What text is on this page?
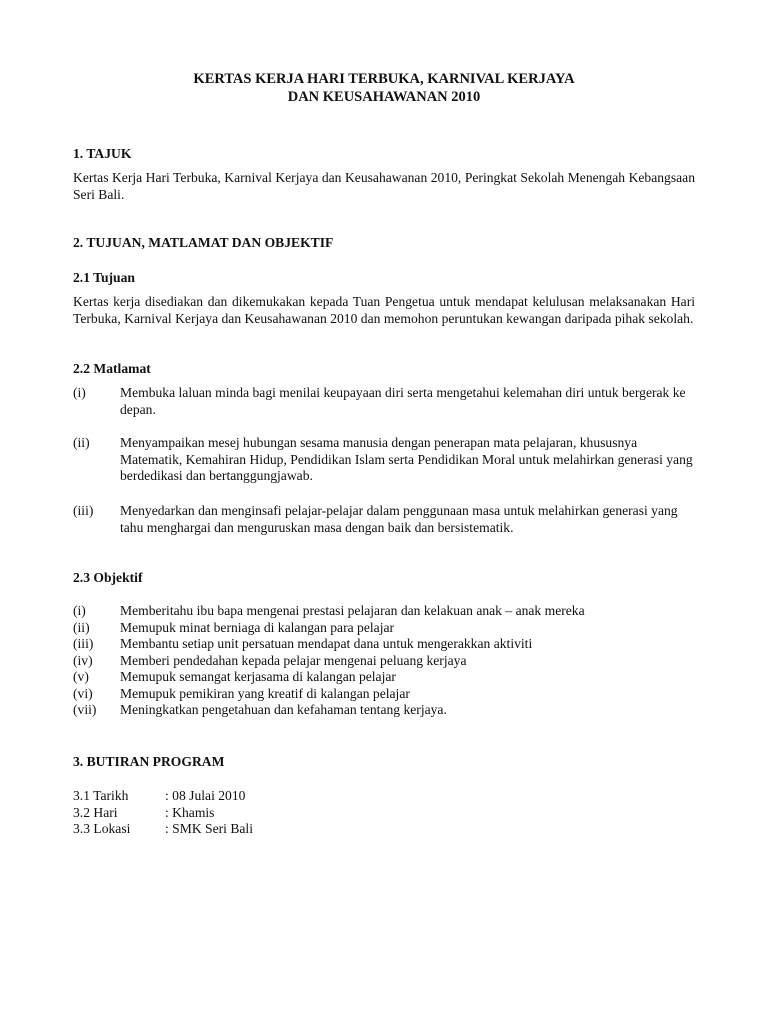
KERTAS KERJA HARI TERBUKA, KARNIVAL KERJAYA
DAN KEUSAHAWANAN 2010
1. TAJUK
Kertas Kerja Hari Terbuka, Karnival Kerjaya dan Keusahawanan 2010, Peringkat Sekolah Menengah Kebangsaan Seri Bali.
2. TUJUAN, MATLAMAT DAN OBJEKTIF
2.1 Tujuan
Kertas kerja disediakan dan dikemukakan kepada Tuan Pengetua untuk mendapat kelulusan melaksanakan Hari Terbuka, Karnival Kerjaya dan Keusahawanan 2010 dan memohon peruntukan kewangan daripada pihak sekolah.
2.2 Matlamat
(i)	Membuka laluan minda bagi menilai keupayaan diri serta mengetahui kelemahan diri untuk bergerak ke depan.
(ii)	Menyampaikan mesej hubungan sesama manusia dengan penerapan mata pelajaran, khususnya Matematik, Kemahiran Hidup, Pendidikan Islam serta Pendidikan Moral untuk melahirkan generasi yang berdedikasi dan bertanggungjawab.
(iii)	Menyedarkan dan menginsafi pelajar-pelajar dalam penggunaan masa untuk melahirkan generasi yang tahu menghargai dan menguruskan masa dengan baik dan bersistematik.
2.3 Objektif
(i)	Memberitahu ibu bapa mengenai prestasi pelajaran dan kelakuan anak – anak mereka
(ii)	Memupuk minat berniaga di kalangan para pelajar
(iii)	Membantu setiap unit persatuan mendapat dana untuk mengerakkan aktiviti
(iv)	Memberi pendedahan kepada pelajar mengenai peluang kerjaya
(v)	Memupuk semangat kerjasama di kalangan pelajar
(vi)	Memupuk pemikiran yang kreatif di kalangan pelajar
(vii)	Meningkatkan pengetahuan dan kefahaman tentang kerjaya.
3. BUTIRAN PROGRAM
3.1 Tarikh	: 08 Julai 2010
3.2 Hari	: Khamis
3.3 Lokasi	: SMK Seri Bali
